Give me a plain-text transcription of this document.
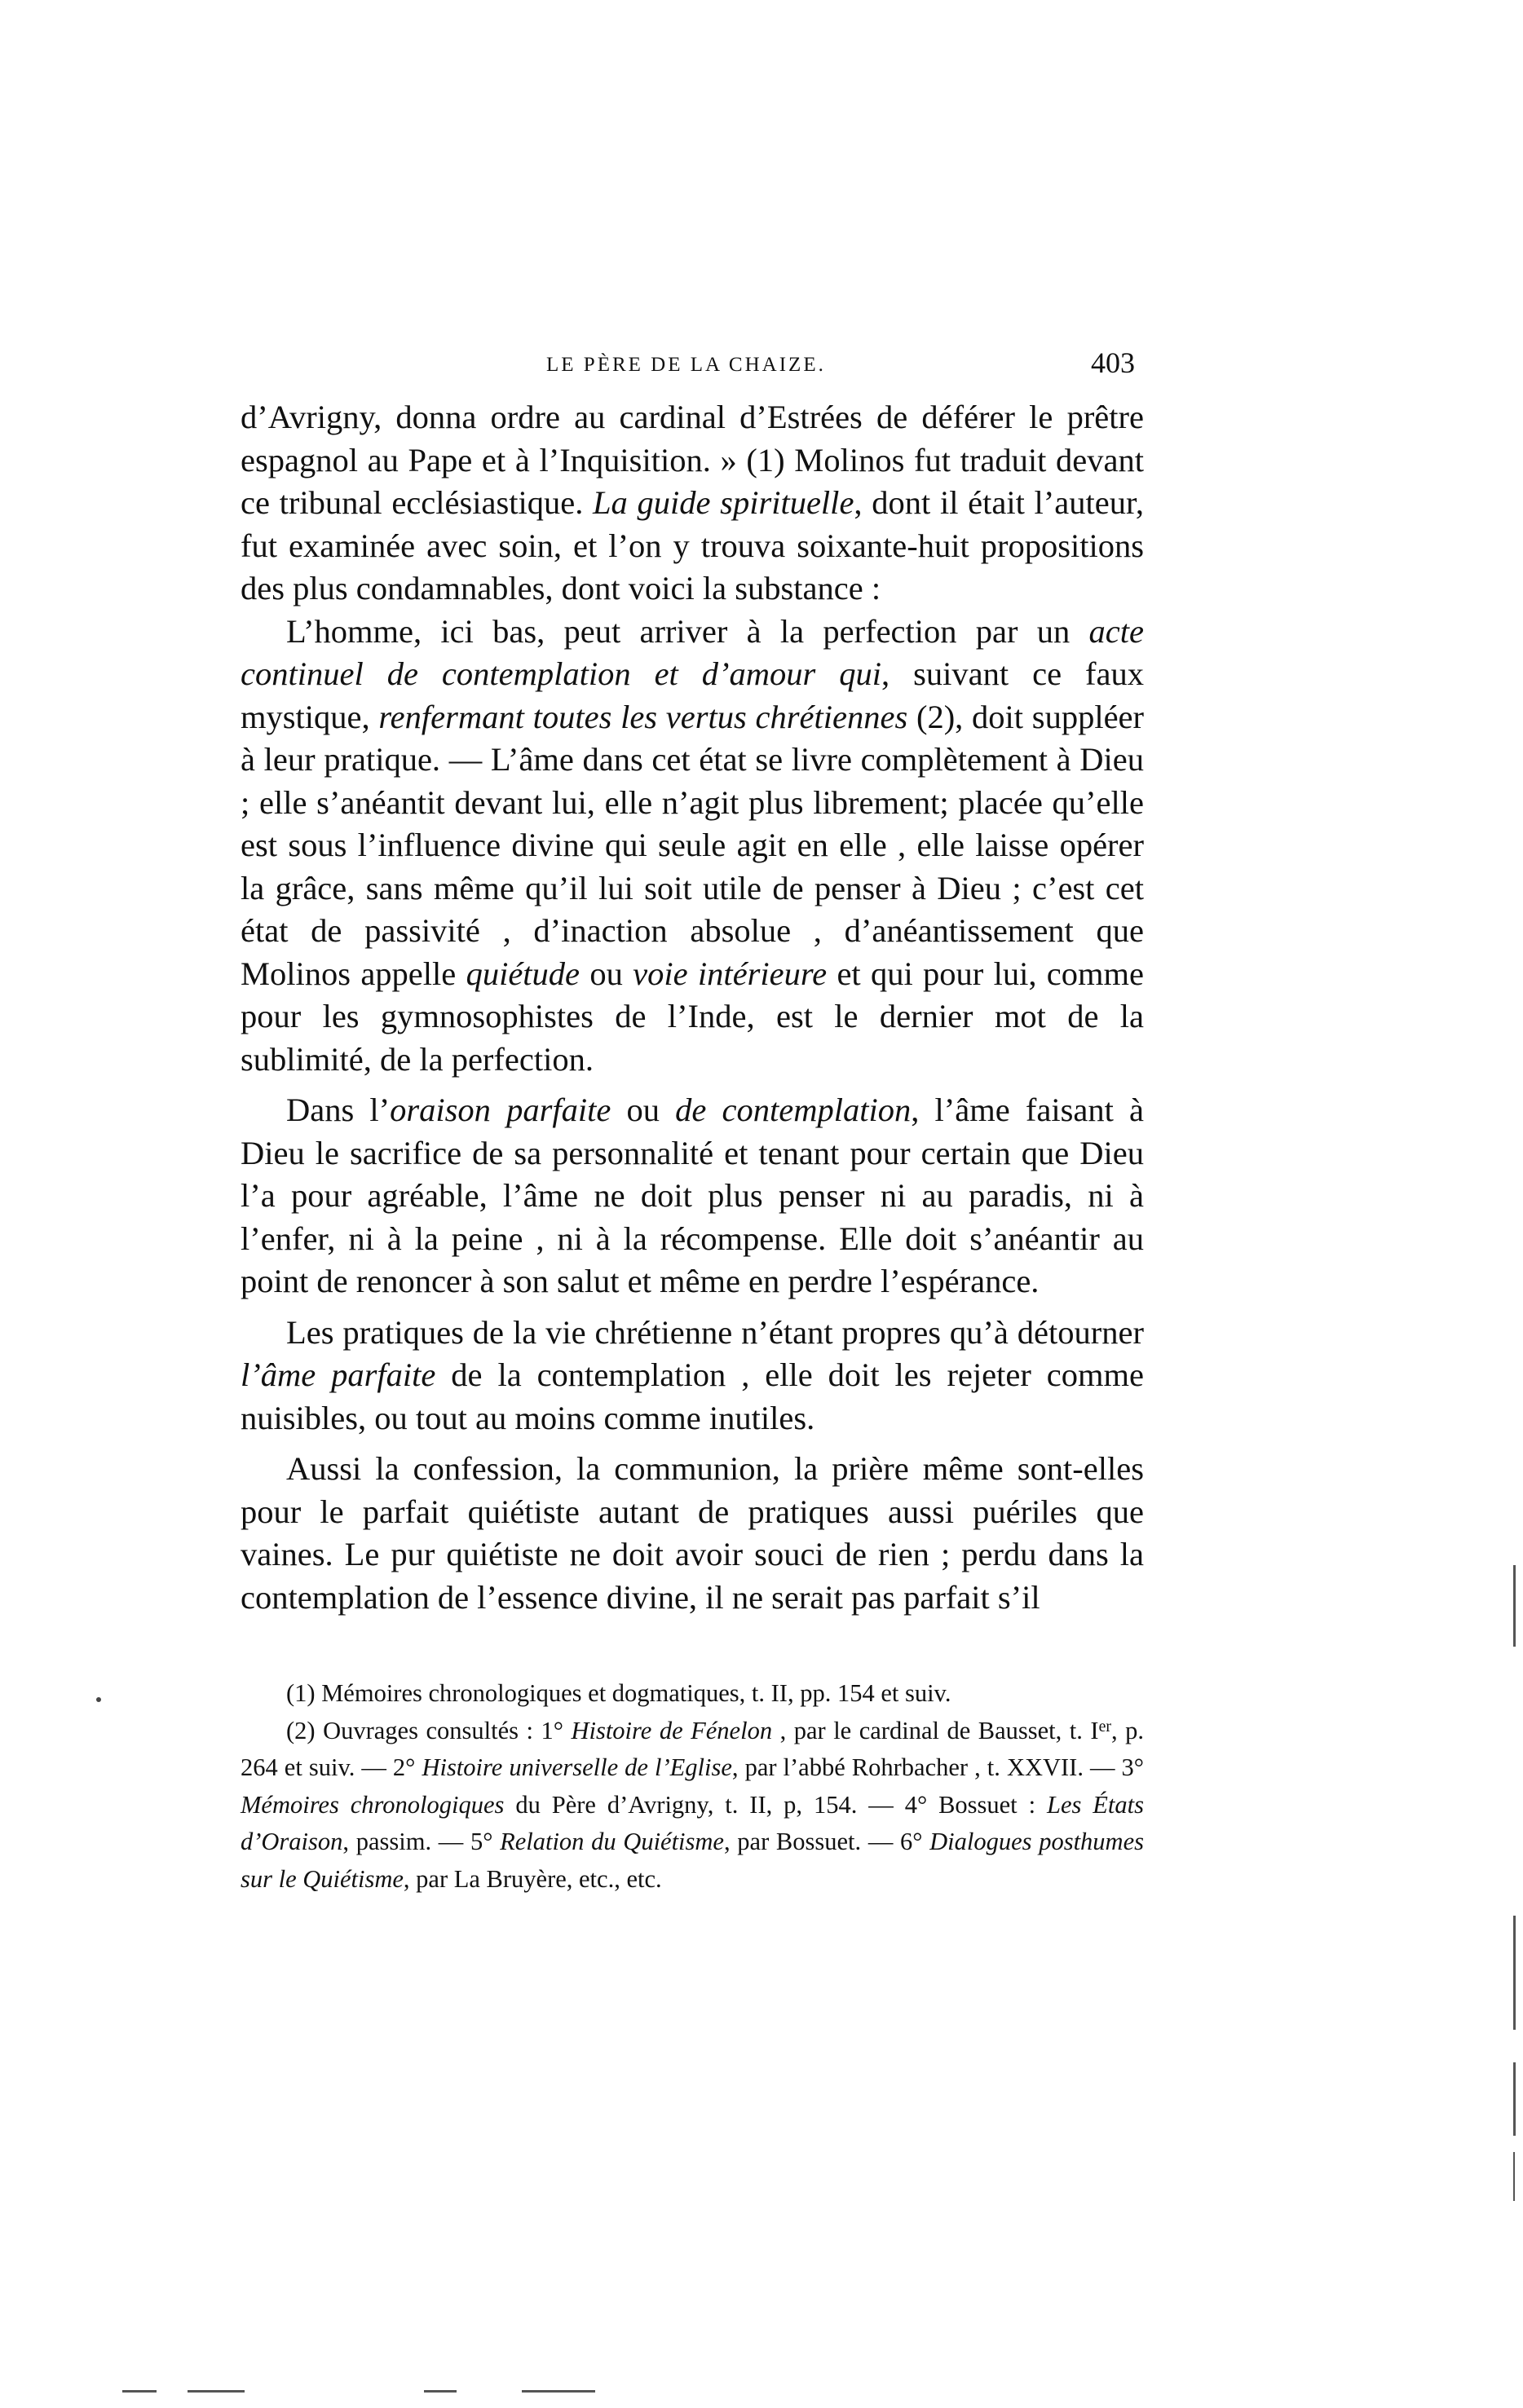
LE PÈRE DE LA CHAIZE.	403

d’Avrigny, donna ordre au cardinal d’Estrées de déférer le prêtre espagnol au Pape et à l’Inquisition. » (1) Molinos fut traduit devant ce tribunal ecclésiastique. La guide spirituelle, dont il était l’auteur, fut examinée avec soin, et l’on y trouva soixante-huit propositions des plus condamnables, dont voici la substance :

L’homme, ici bas, peut arriver à la perfection par un acte continuel de contemplation et d’amour qui, suivant ce faux mystique, renfermant toutes les vertus chrétiennes (2), doit suppléer à leur pratique. — L’âme dans cet état se livre complètement à Dieu ; elle s’anéantit devant lui, elle n’agit plus librement; placée qu’elle est sous l’influence divine qui seule agit en elle , elle laisse opérer la grâce, sans même qu’il lui soit utile de penser à Dieu ; c’est cet état de passivité , d’inaction absolue , d’anéantissement que Molinos appelle quiétude ou voie intérieure et qui pour lui, comme pour les gymnosophistes de l’Inde, est le dernier mot de la sublimité, de la perfection.

Dans l’oraison parfaite ou de contemplation, l’âme faisant à Dieu le sacrifice de sa personnalité et tenant pour certain que Dieu l’a pour agréable, l’âme ne doit plus penser ni au paradis, ni à l’enfer, ni à la peine , ni à la récompense. Elle doit s’anéantir au point de renoncer à son salut et même en perdre l’espérance.

Les pratiques de la vie chrétienne n’étant propres qu’à détourner l’âme parfaite de la contemplation , elle doit les rejeter comme nuisibles, ou tout au moins comme inutiles.

Aussi la confession, la communion, la prière même sont-elles pour le parfait quiétiste autant de pratiques aussi puériles que vaines. Le pur quiétiste ne doit avoir souci de rien ; perdu dans la contemplation de l’essence divine, il ne serait pas parfait s’il

(1) Mémoires chronologiques et dogmatiques, t. II, pp. 154 et suiv.

(2) Ouvrages consultés : 1° Histoire de Fénelon , par le cardinal de Bausset, t. Ier, p. 264 et suiv. — 2° Histoire universelle de l’Eglise, par l’abbé Rohrbacher , t. XXVII. — 3° Mémoires chronologiques du Père d’Avrigny, t. II, p, 154. — 4° Bossuet : Les États d’Oraison, passim. — 5° Relation du Quiétisme, par Bossuet. — 6° Dialogues posthumes sur le Quiétisme, par La Bruyère, etc., etc.
